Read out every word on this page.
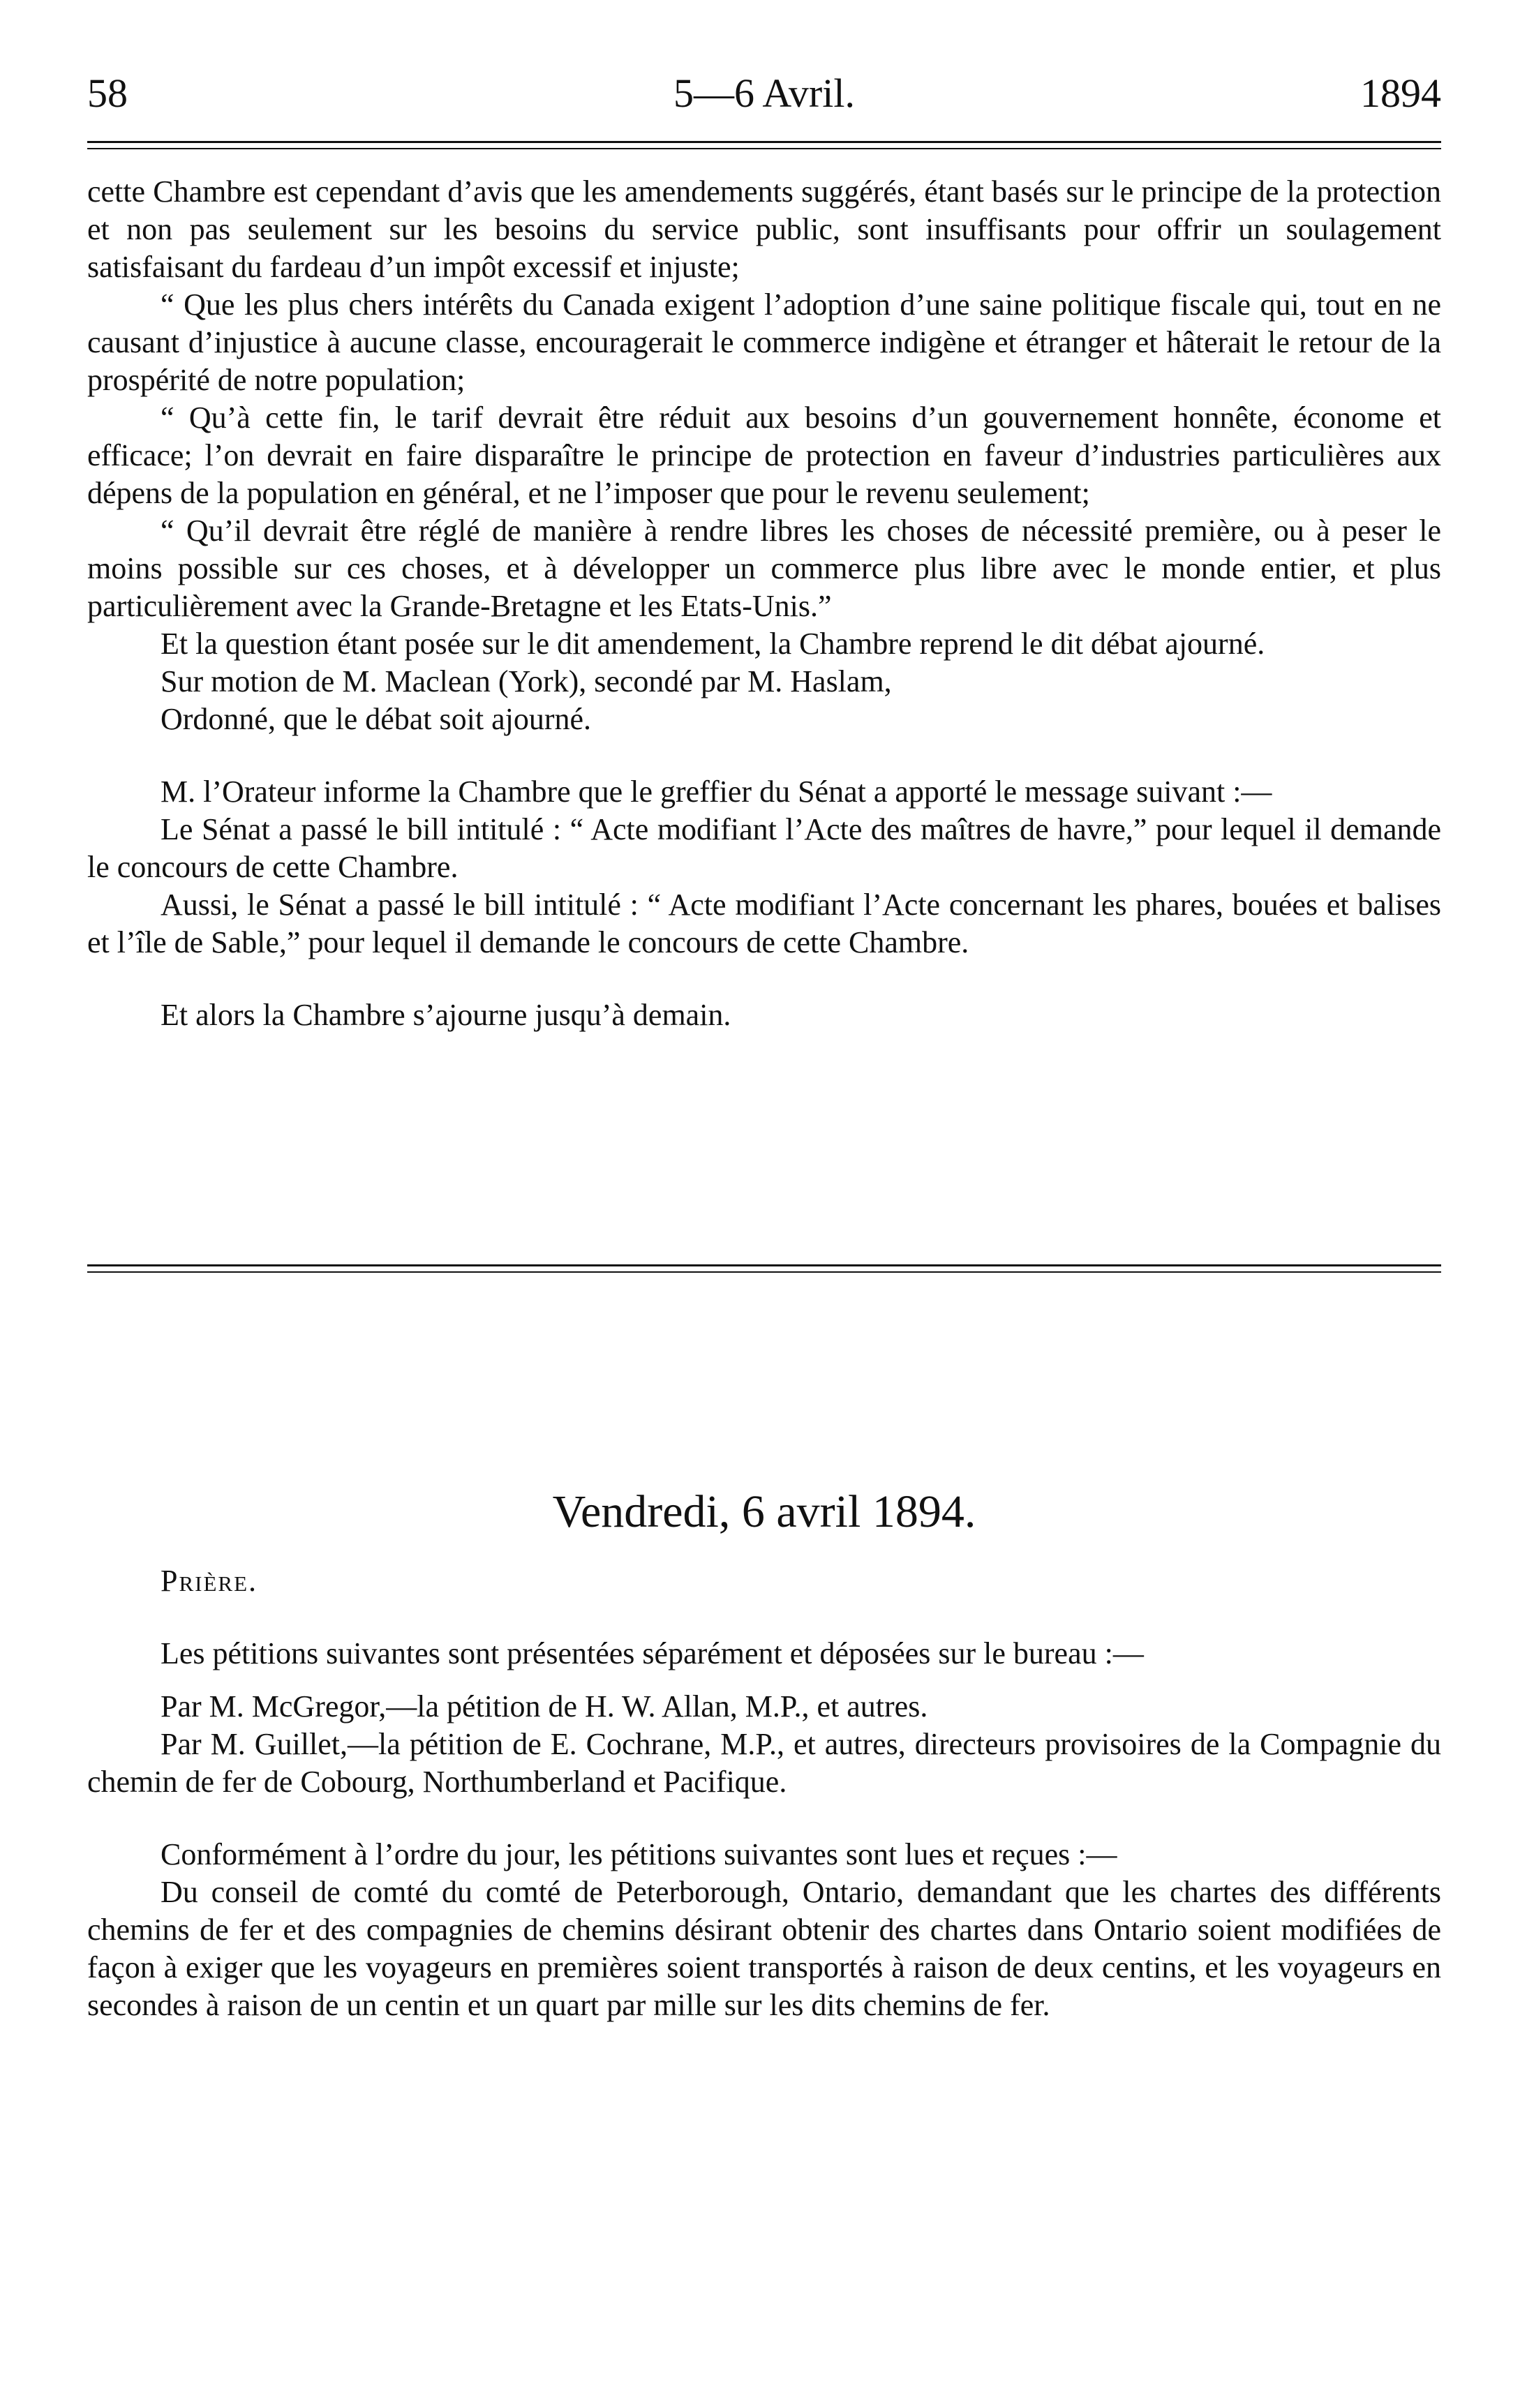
58	5—6 Avril.	1894

cette Chambre est cependant d’avis que les amendements suggérés, étant basés sur le principe de la protection et non pas seulement sur les besoins du service public, sont insuffisants pour offrir un soulagement satisfaisant du fardeau d’un impôt excessif et injuste;

“ Que les plus chers intérêts du Canada exigent l’adoption d’une saine politique fiscale qui, tout en ne causant d’injustice à aucune classe, encouragerait le commerce indigène et étranger et hâterait le retour de la prospérité de notre population;

“ Qu’à cette fin, le tarif devrait être réduit aux besoins d’un gouvernement honnête, économe et efficace; l’on devrait en faire disparaître le principe de protection en faveur d’industries particulières aux dépens de la population en général, et ne l’imposer que pour le revenu seulement;

“ Qu’il devrait être réglé de manière à rendre libres les choses de nécessité première, ou à peser le moins possible sur ces choses, et à développer un commerce plus libre avec le monde entier, et plus particulièrement avec la Grande-Bretagne et les Etats-Unis.”

Et la question étant posée sur le dit amendement, la Chambre reprend le dit débat ajourné.

Sur motion de M. Maclean (York), secondé par M. Haslam,

Ordonné, que le débat soit ajourné.

M. l’Orateur informe la Chambre que le greffier du Sénat a apporté le message suivant :—

Le Sénat a passé le bill intitulé : “ Acte modifiant l’Acte des maîtres de havre,” pour lequel il demande le concours de cette Chambre.

Aussi, le Sénat a passé le bill intitulé : “ Acte modifiant l’Acte concernant les phares, bouées et balises et l’île de Sable,” pour lequel il demande le concours de cette Chambre.

Et alors la Chambre s’ajourne jusqu’à demain.

Vendredi, 6 avril 1894.

Prière.

Les pétitions suivantes sont présentées séparément et déposées sur le bureau :—

Par M. McGregor,—la pétition de H. W. Allan, M.P., et autres.

Par M. Guillet,—la pétition de E. Cochrane, M.P., et autres, directeurs provisoires de la Compagnie du chemin de fer de Cobourg, Northumberland et Pacifique.

Conformément à l’ordre du jour, les pétitions suivantes sont lues et reçues :—

Du conseil de comté du comté de Peterborough, Ontario, demandant que les chartes des différents chemins de fer et des compagnies de chemins désirant obtenir des chartes dans Ontario soient modifiées de façon à exiger que les voyageurs en premières soient transportés à raison de deux centins, et les voyageurs en secondes à raison de un centin et un quart par mille sur les dits chemins de fer.
